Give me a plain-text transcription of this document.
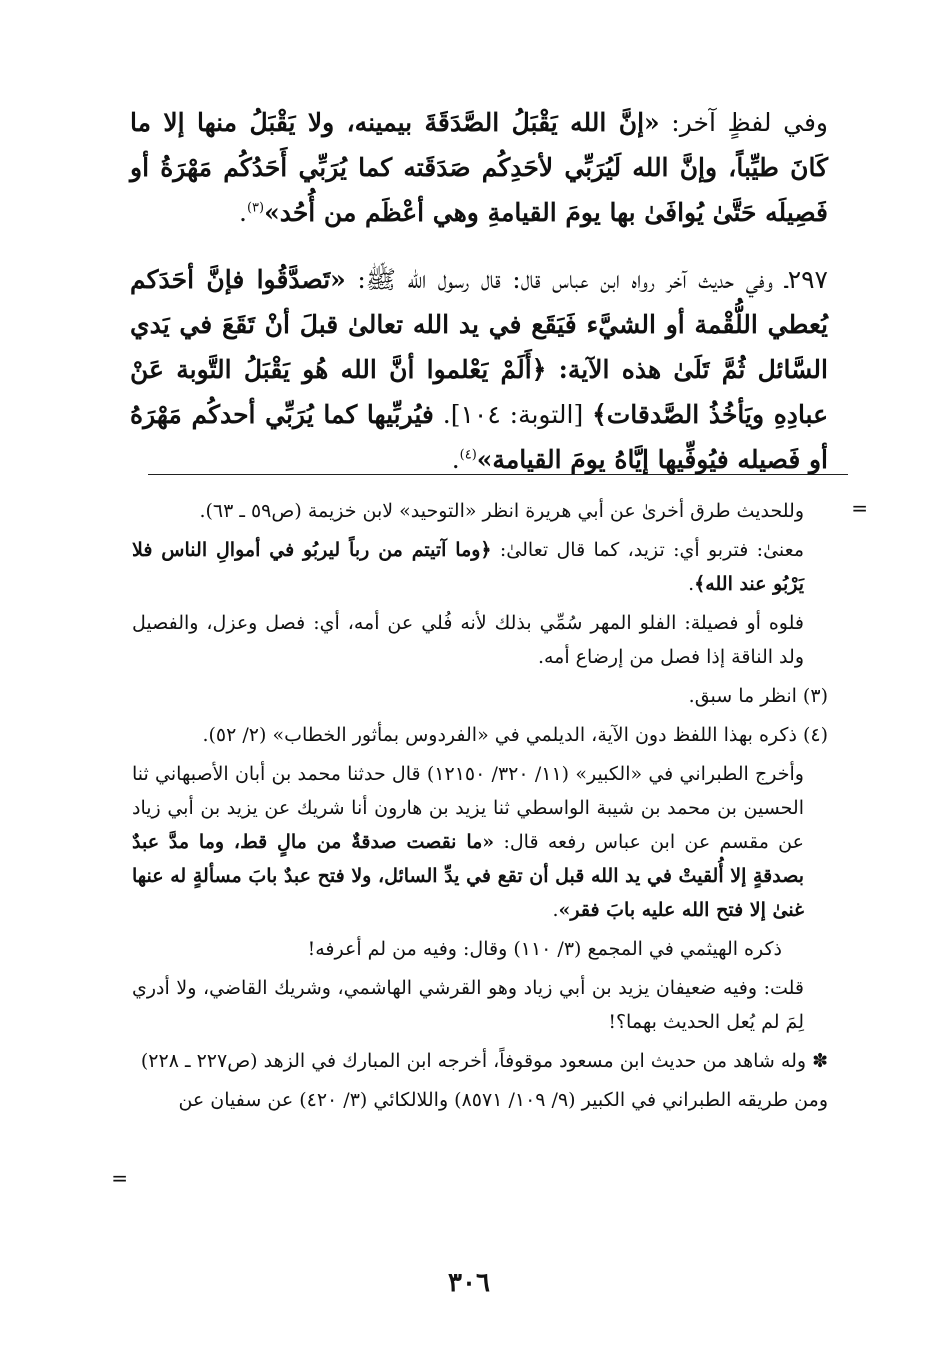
وفي لفظٍ آخر: «إنَّ الله يَقْبَلُ الصَّدَقَةَ بيمينه، ولا يَقْبَلُ منها إلا ما كَانَ طيِّباً، وإنَّ الله لَيُرَبِّي لأحَدِكُم صَدَقَته كما يُرَبِّي أَحَدُكُم مَهْرَةُ أو فَصِيلَه حَتَّىٰ يُوافَىٰ بها يومَ القيامةِ وهي أعْظَم من أُحُد»$^{(٣)}$.

٢٩٧ـ وفي حديث آخر رواه ابن عباس قال: قال رسول الله ﷺ: «تَصدَّقُوا فإنَّ أحَدَكم يُعطي اللُّقْمة أو الشيَّء فَيَقَع في يد الله تعالىٰ قبلَ أنْ تَقَعَ في يَدي السَّائل ثُمَّ تَلَىٰ هذه الآية: ﴿أَلَمْ يَعْلموا أنَّ الله هُو يَقْبَلُ التَّوبة عَنْ عبادِهِ ويَأخُذُ الصَّدقات﴾ [التوبة: ١٠٤]. فيُربِّيها كما يُرَبِّي أحدكُم مَهْرَهُ أو فَصيله فيُوفِّيها إيَّاهُ يومَ القيامة»$^{(٤)}$.

=

وللحديث طرق أخرىٰ عن أبي هريرة انظر «التوحيد» لابن خزيمة (ص٥٩ ـ ٦٣).

معنىٰ: فتربو أي: تزيد، كما قال تعالىٰ: ﴿وما آتيتم من رباً ليربُو في أموالِ الناس فلا يَرْبُو عند الله﴾.

فلوه أو فصيلة: الفلو المهر سُمِّي بذلك لأنه فُلي عن أمه، أي: فصل وعزل، والفصيل ولد الناقة إذا فصل من إرضاع أمه.

(٣) انظر ما سبق.

(٤) ذكره بهذا اللفظ دون الآية، الديلمي في «الفردوس بمأثور الخطاب» (٢/ ٥٢).

وأخرج الطبراني في «الكبير» (١١/ ٣٢٠/ ١٢١٥٠) قال حدثنا محمد بن أبان الأصبهاني ثنا الحسين بن محمد بن شيبة الواسطي ثنا يزيد بن هارون أنا شريك عن يزيد بن أبي زياد عن مقسم عن ابن عباس رفعه قال: «ما نقصت صدقةٌ من مالٍ قط، وما مدَّ عبدٌ بصدقةٍ إلا أُلقيتْ في يد الله قبل أن تقع في يدِّ السائل، ولا فتح عبدٌ بابَ مسألةٍ له عنها غنىٰ إلا فتح الله عليه بابَ فقر».

ذكره الهيثمي في المجمع (٣/ ١١٠) وقال: وفيه من لم أعرفه!

قلت: وفيه ضعيفان يزيد بن أبي زياد وهو القرشي الهاشمي، وشريك القاضي، ولا أدري لِمَ لم يُعل الحديث بهما؟!

✽ وله شاهد من حديث ابن مسعود موقوفاً، أخرجه ابن المبارك في الزهد (ص٢٢٧ ـ ٢٢٨)

ومن طريقه الطبراني في الكبير (٩/ ١٠٩/ ٨٥٧١) واللالكائي (٣/ ٤٢٠) عن سفيان عن

=
٣٠٦
